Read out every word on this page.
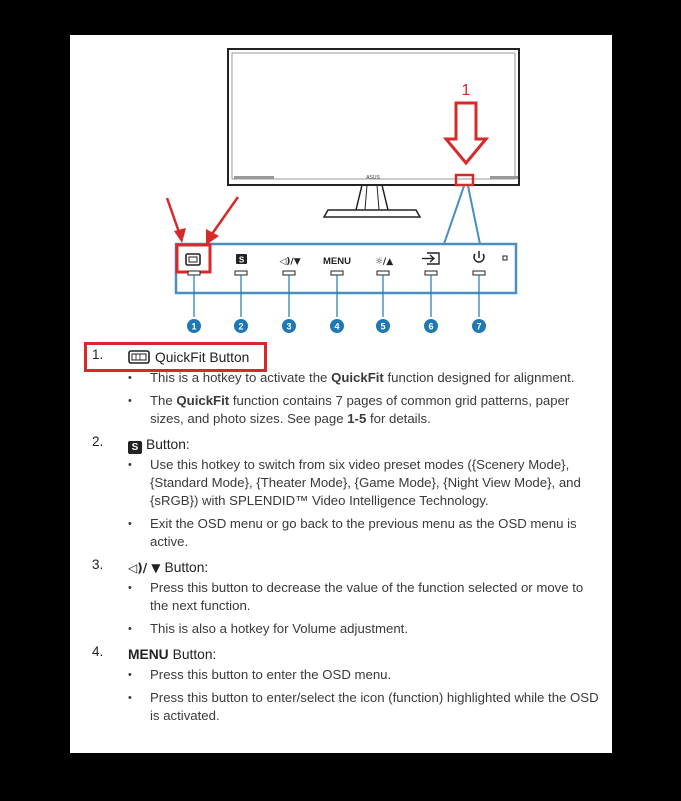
ASUS
1
S	◁)/▼ MENU	☼/▲
1	2	3	4	5	6	7
1.	QuickFit Button
• This is a hotkey to activate the QuickFit function designed for alignment.
• The QuickFit function contains 7 pages of common grid patterns, paper sizes, and photo sizes. See page 1-5 for details.
2.	S Button:
• Use this hotkey to switch from six video preset modes ({Scenery Mode}, {Standard Mode}, {Theater Mode}, {Game Mode}, {Night View Mode}, and {sRGB}) with SPLENDID™ Video Intelligence Technology.
• Exit the OSD menu or go back to the previous menu as the OSD menu is active.
3. ◁)/ ▼ Button:
• Press this button to decrease the value of the function selected or move to the next function.
• This is also a hotkey for Volume adjustment.
4. MENU Button:
• Press this button to enter the OSD menu.
• Press this button to enter/select the icon (function) highlighted while the OSD is activated.
